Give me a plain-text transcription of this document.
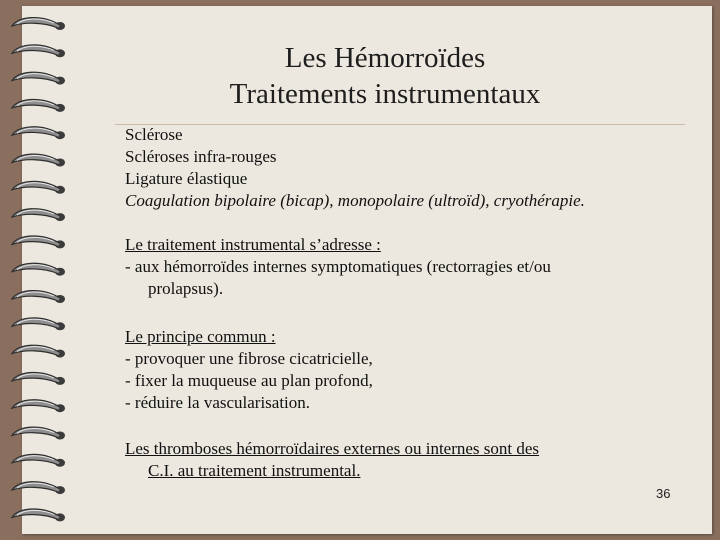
Les Hémorroïdes
Traitements instrumentaux

Sclérose

Scléroses infra-rouges

Ligature élastique

Coagulation bipolaire (bicap), monopolaire (ultroïd), cryothérapie.

Le traitement instrumental s’adresse :

- aux hémorroïdes internes symptomatiques (rectorragies et/ou

prolapsus).

Le principe commun :

- provoquer une fibrose cicatricielle,

- fixer la muqueuse au plan profond,

- réduire la vascularisation.

Les thromboses hémorroïdaires externes ou internes sont des

C.I. au traitement instrumental.

36
